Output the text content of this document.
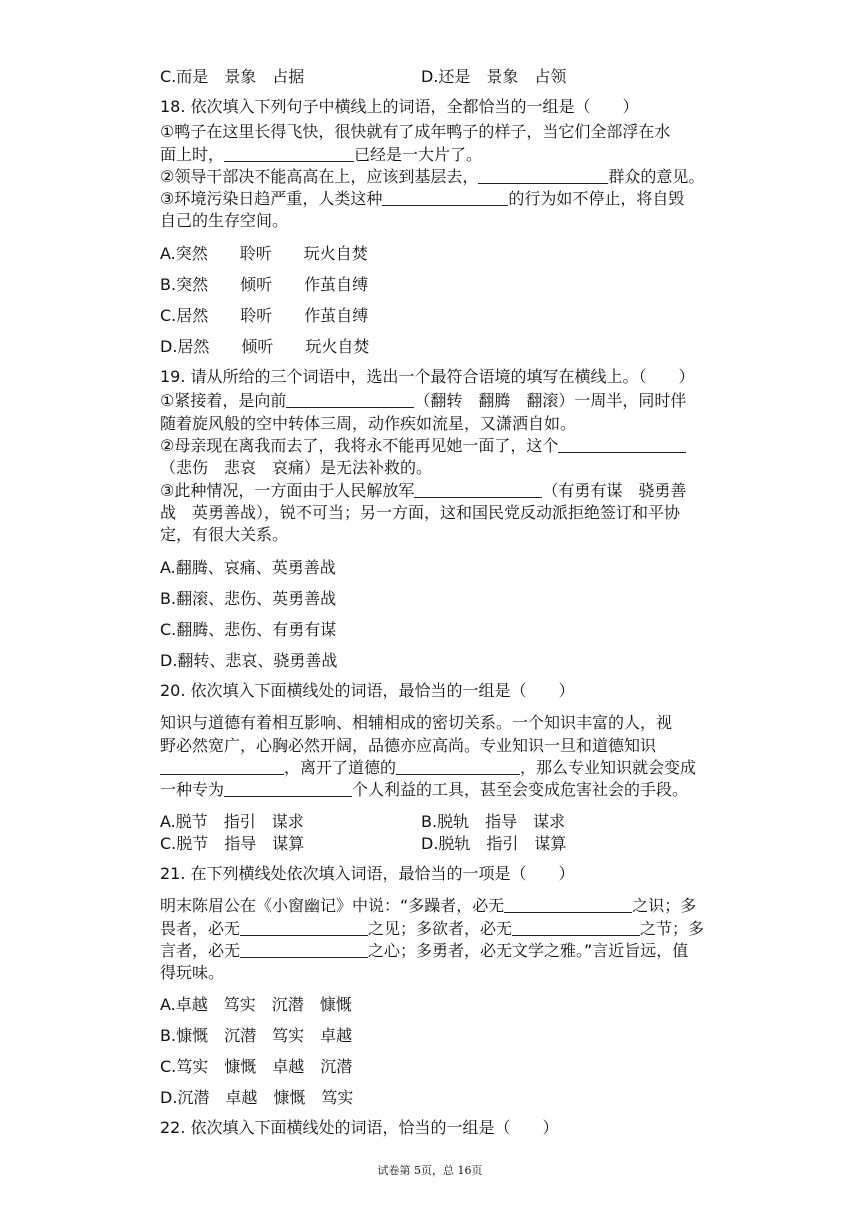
C.而是　景象　占据	D.还是　景象　占领
18. 依次填入下列句子中横线上的词语，全都恰当的一组是（　　）
①鸭子在这里长得飞快，很快就有了成年鸭子的样子，当它们全部浮在水
面上时，	已经是一大片了。
②领导干部决不能高高在上，应该到基层去，	群众的意见。
③环境污染日趋严重，人类这种	的行为如不停止，将自毁
自己的生存空间。
A.突然　　聆听　　玩火自焚
B.突然　　倾听　　作茧自缚
C.居然　　聆听　　作茧自缚
D.居然　　倾听　　玩火自焚
19. 请从所给的三个词语中，选出一个最符合语境的填写在横线上。（　　）
①紧接着，是向前	（翻转　翻腾　翻滚）一周半，同时伴
随着旋风般的空中转体三周，动作疾如流星，又潇洒自如。
②母亲现在离我而去了，我将永不能再见她一面了，这个
（悲伤　悲哀　哀痛）是无法补救的。
③此种情况，一方面由于人民解放军	（有勇有谋　骁勇善
战　英勇善战），锐不可当；另一方面，这和国民党反动派拒绝签订和平协
定，有很大关系。
A.翻腾、哀痛、英勇善战
B.翻滚、悲伤、英勇善战
C.翻腾、悲伤、有勇有谋
D.翻转、悲哀、骁勇善战
20. 依次填入下面横线处的词语，最恰当的一组是（　　）
知识与道德有着相互影响、相辅相成的密切关系。一个知识丰富的人，视
野必然宽广，心胸必然开阔，品德亦应高尚。专业知识一旦和道德知识
，离开了道德的	，那么专业知识就会变成
一种专为	个人利益的工具，甚至会变成危害社会的手段。
A.脱节　指引　谋求	B.脱轨　指导　谋求
C.脱节　指导　谋算	D.脱轨　指引　谋算
21. 在下列横线处依次填入词语，最恰当的一项是（　　）
明末陈眉公在《小窗幽记》中说：“多躁者，必无	之识；多
畏者，必无	之见；多欲者，必无	之节；多
言者，必无	之心；多勇者，必无文学之雅。”言近旨远，值
得玩味。
A.卓越　笃实　沉潜　慷慨
B.慷慨　沉潜　笃实　卓越
C.笃实　慷慨　卓越　沉潜
D.沉潜　卓越　慷慨　笃实
22. 依次填入下面横线处的词语，恰当的一组是（　　）
试卷第 5页，总 16页
